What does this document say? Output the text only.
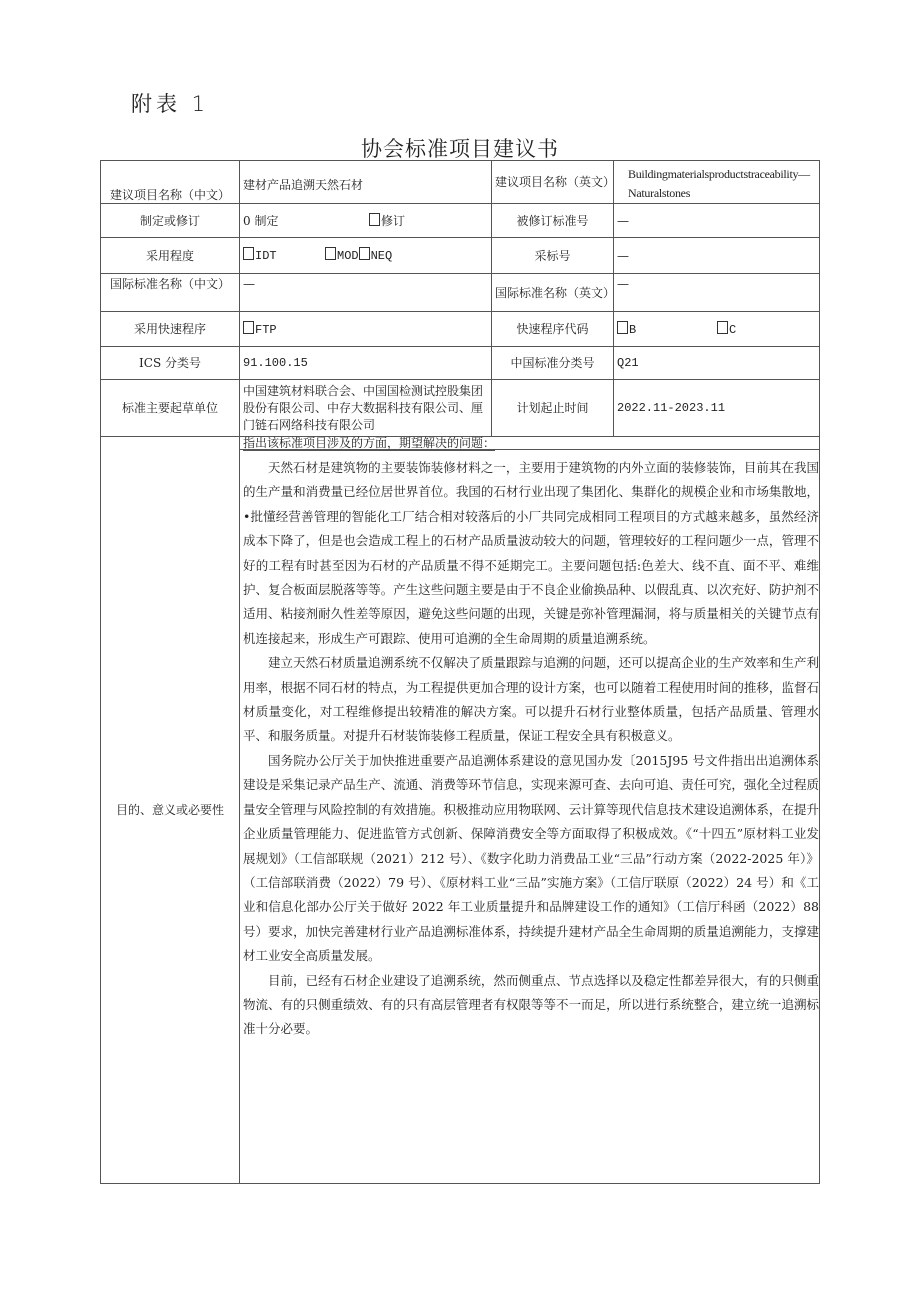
附表 1
协会标准项目建议书
建议项目名称（中文）	建材产品追溯天然石材	建议项目名称（英文）	Buildingmaterialsproductstraceability—Naturalstones
制定或修订	0 制定 修订	被修订标准号	—
采用程度	IDT MOD NEQ	采标号	—
国际标准名称（中文）	—	国际标准名称（英文）	—
采用快速程序	FTP	快速程序代码	B C
ICS 分类号	91.100.15	中国标准分类号	Q21
标准主要起草单位	中国建筑材料联合会、中国国检测试控股集团股份有限公司、中存大数据科技有限公司、厘门链石网络科技有限公司	计划起止时间	2022.11-2023.11
目的、意义或必要性	指出该标准项目涉及的方面，期望解决的问题：		

	天然石材是建筑物的主要装饰装修材料之一，主要用于建筑物的内外立面的装修装饰，目前其在我国的生产量和消费量已经位居世界首位。我国的石材行业出现了集团化、集群化的规模企业和市场集散地，•批懂经营善管理的智能化工厂结合相对较落后的小厂共同完成相同工程项目的方式越来越多，虽然经济成本下降了，但是也会造成工程上的石材产品质量波动较大的问题，管理较好的工程问题少一点，管理不好的工程有时甚至因为石材的产品质量不得不延期完工。主要问题包括:色差大、线不直、面不平、难维护、复合板面层脱落等等。产生这些问题主要是由于不良企业偷换品种、以假乱真、以次充好、防护剂不适用、粘接剂耐久性差等原因，避免这些问题的出现，关键是弥补管理漏洞，将与质量相关的关键节点有机连接起来，形成生产可跟踪、使用可追溯的全生命周期的质量追溯系统。

建立天然石材质量追溯系统不仅解决了质量跟踪与追溯的问题，还可以提高企业的生产效率和生产利用率，根据不同石材的特点，为工程提供更加合理的设计方案，也可以随着工程使用时间的推移，监督石材质量变化，对工程维修提出较精准的解决方案。可以提升石材行业整体质量，包括产品质量、管理水平、和服务质量。对提升石材装饰装修工程质量，保证工程安全具有积极意义。

国务院办公厅关于加快推进重要产品追溯体系建设的意见国办发〔2015J95 号文件指出出追溯体系建设是采集记录产品生产、流通、消费等环节信息，实现来源可查、去向可追、责任可究，强化全过程质量安全管理与风险控制的有效措施。积极推动应用物联网、云计算等现代信息技术建设追溯体系，在提升企业质量管理能力、促进监管方式创新、保障消费安全等方面取得了积极成效。《“十四五”原材料工业发展规划》（工信部联规（2021）212 号）、《数字化助力消费品工业“三品”行动方案（2022-2025 年）》（工信部联消费（2022）79 号）、《原材料工业“三品”实施方案》（工信厅联原（2022）24 号）和《工业和信息化部办公厅关于做好 2022 年工业质量提升和品牌建设工作的通知》（工信厅科函（2022）88 号）要求，加快完善建材行业产品追溯标准体系，持续提升建材产品全生命周期的质量追溯能力，支撑建材工业安全高质量发展。

目前，已经有石材企业建设了追溯系统，然而侧重点、节点选择以及稳定性都差异很大，有的只侧重物流、有的只侧重绩效、有的只有高层管理者有权限等等不一而足，所以进行系统整合，建立统一追溯标准十分必要。		
